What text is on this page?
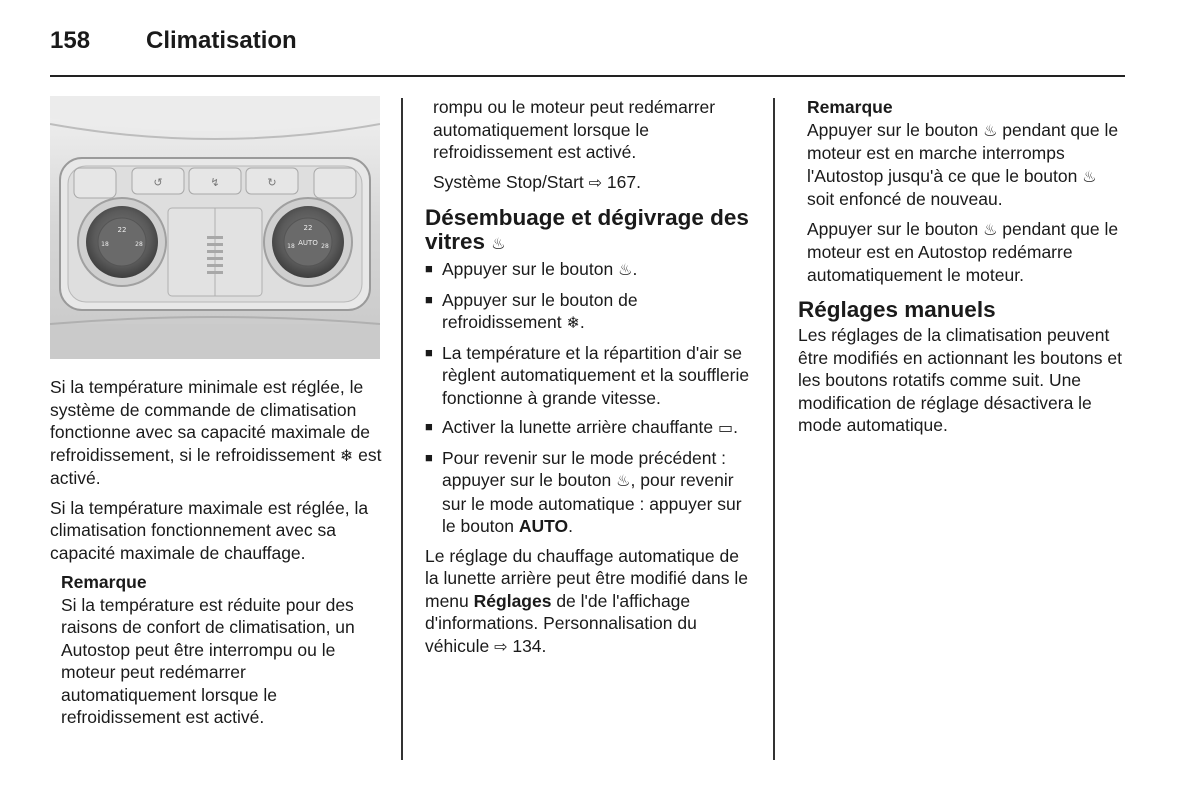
158 Climatisation
↺	↯	↻
22
18	28
22
AUTO
18	28

Si la température minimale est réglée, le système de commande de climatisation fonctionne avec sa capacité maximale de refroidissement, si le refroidissement ❄ est activé.

Si la température maximale est réglée, la climatisation fonctionnement avec sa capacité maximale de chauffage.

Remarque
Si la température est réduite pour des raisons de confort de climatisation, un Autostop peut être interrompu ou le moteur peut redémarrer automatiquement lorsque le refroidissement est activé.

rompu ou le moteur peut redémarrer automatiquement lorsque le refroidissement est activé.

Système Stop/Start ⇨ 167.

Désembuage et dégivrage des vitres ♨
■ Appuyer sur le bouton ♨.
■ Appuyer sur le bouton de refroidissement ❄.
■ La température et la répartition d'air se règlent automatiquement et la soufflerie fonctionne à grande vitesse.
■ Activer la lunette arrière chauffante ▭.
■ Pour revenir sur le mode précédent : appuyer sur le bouton ♨, pour revenir sur le mode automatique : appuyer sur le bouton AUTO.

Le réglage du chauffage automatique de la lunette arrière peut être modifié dans le menu Réglages de l'de l'affichage d'informations. Personnalisation du véhicule ⇨ 134.

Remarque

Appuyer sur le bouton ♨ pendant que le moteur est en marche interromps l'Autostop jusqu'à ce que le bouton ♨ soit enfoncé de nouveau.

Appuyer sur le bouton ♨ pendant que le moteur est en Autostop redémarre automatiquement le moteur.

Réglages manuels

Les réglages de la climatisation peuvent être modifiés en actionnant les boutons et les boutons rotatifs comme suit. Une modification de réglage désactivera le mode automatique.
